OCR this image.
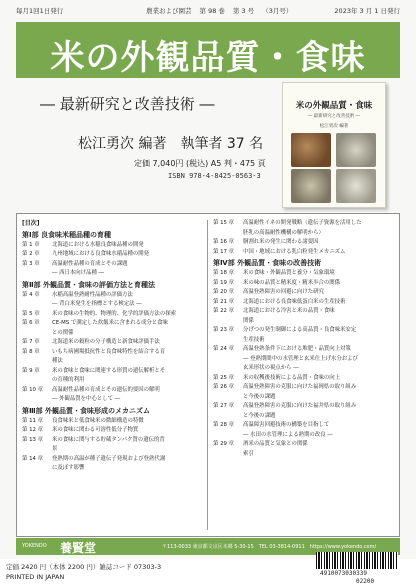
毎月1回1日発行	農業および園芸 第 98 巻 第 3 号 （3月号）	2023年 3 月 1 日発行
米の外観品質・食味
― 最新研究と改善技術 ―
松江勇次 編著　執筆者 37 名
定価 7,040円 (税込) A5 判・475 頁
ISBN 978-4-8425-0563-3
米の外観品質・食味
― 最新研究と改善技術 ―
松江勇次 編著
[目次]
第Ⅰ部 良食味米稲品種の育種
第 1 章 北海道における水稲良食味品種の開発
第 2 章 九州地域における良食味水稲品種の開発
第 3 章 高温耐性品種の育成とその課題
― 西日本向け品種 ―
第Ⅱ部 外観品質・食味の評価方法と育種法
第 4 章 水稲高温登熟耐性品種の評価方法
― 背白米発生を指標とする検定法 ―
第 5 章 米の食味の生物的、物理的、化学的評価方法の探索
第 6 章 CE-MS で測定した炊飯米に含まれる成分と食味
との関係
第 7 章 北海道米の穀粒の分子構造と新食味評価手法
第 8 章 いもち病圃場抵抗性と良食味特性を結合する育
種法
第 9 章 米の食味と食味に関連する形質の遺伝解析とそ
の育種的利用
第 10 章 高温耐性品種の育成とその遺伝的要因の解明
― 外観品質を中心として ―
第Ⅲ部 外観品質・食味形成のメカニズム
第 11 章 良食味米と低食味米の微細構造の特徴
第 12 章 米の食味に関わる可溶性低分子物質
第 13 章 米の食味に関与する貯蔵タンパク質の遺伝的背
景
第 14 章 登熟期の高温が種子遺伝子発現および登熟代謝
に及ぼす影響
第 15 章 高温耐性イネの開発戦略（遺伝子資源を活用した
胚乳の高温耐性機構の解明から）
第 16 章 胴割れ米の発生に関わる諸要因
第 17 章 中国・地域における乳白粒発生メカニズム
第Ⅳ部 外観品質・食味の改善技術
第 18 章 米の食味・外観品質と養分・気象環境
第 19 章 米の味の品質と精米度・精米歩合の関係
第 20 章 高温登熟障害の回避に向けた研究
第 21 章 北海道における良食味低蛋白米の生産技術
第 22 章 北海道における冷害と米の品質・食味
関係
第 23 章 分げつの発生制御による高品質・良食味米安定
生産技術
第 24 章 高温登熟条件下における堆肥・品質向上対策
― 登熟期間中の水管理と玄米仕上げ水分および
玄米形状の視点から ―
第 25 章 米の収穫後技術による品質・食味の向上
第 26 章 高温登熟障害の克服に向けた福岡県の取り組み
と今後の課題
第 27 章 高温登熟障害の克服に向けた福井県の取り組み
と今後の課題
第 28 章 高温障害回避技術の構築を目指して
― 水田の水管理による熟期の改良 ―
第 29 章 酒米の品質と気象との関係
索引
YOKENDO 養賢堂	〒113-0033 東京都文京区本郷 5-30-15　TEL 03-3814-0911　https://www.yokendo.com/
定価 2420 円（本体 2200 円）雑誌コード 07303-3
PRINTED IN JAPAN	4910073030339
02200
